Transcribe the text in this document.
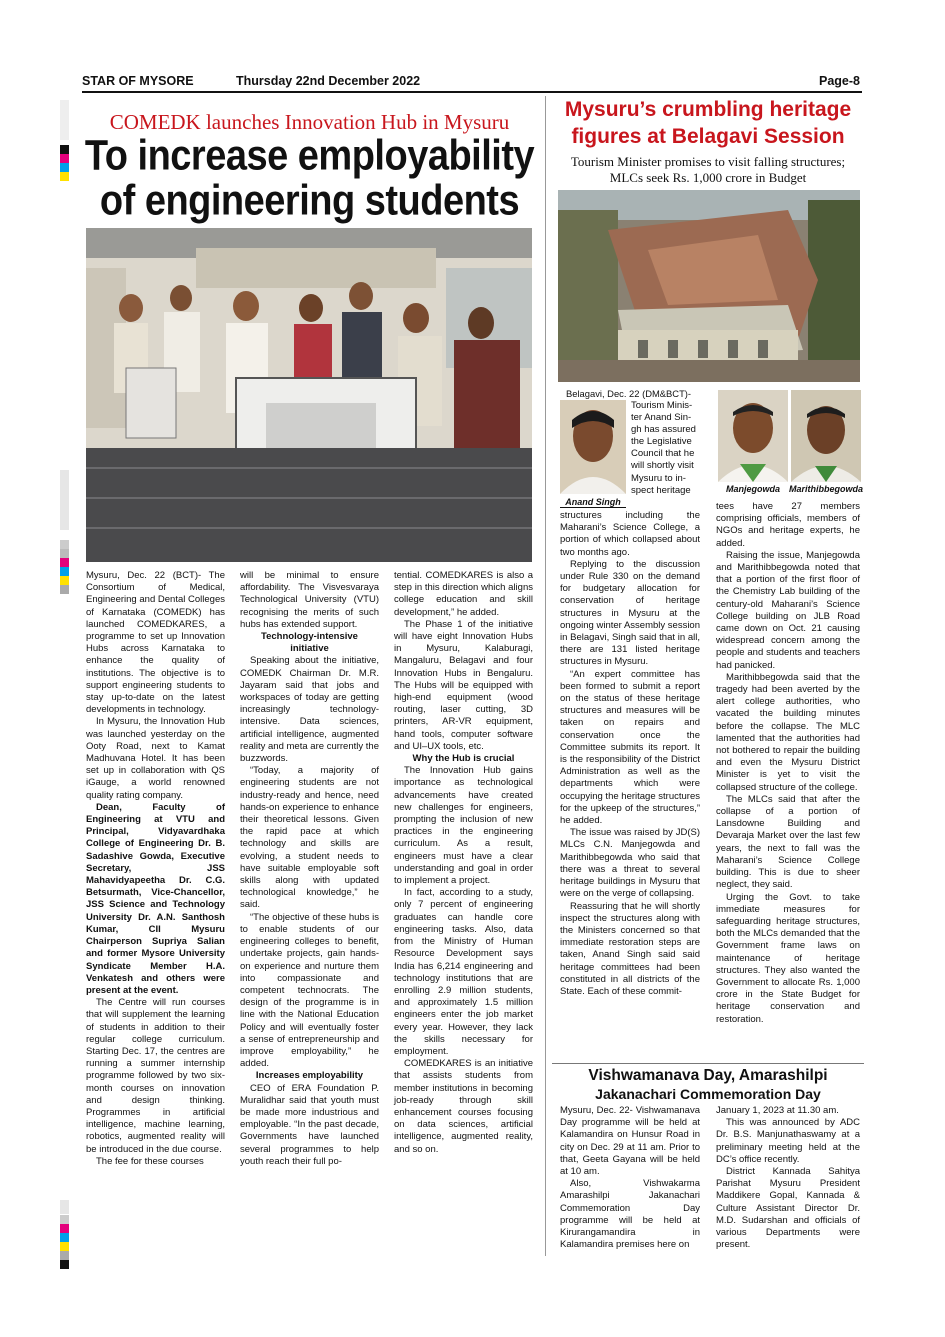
STAR OF MYSORE	Thursday 22nd December 2022	Page-8
COMEDK launches Innovation Hub in Mysuru
To increase employability
of engineering students

Mysuru, Dec. 22 (BCT)- The Consortium of Medical, Engineering and Dental Colleges of Karnataka (COMEDK) has launched COMEDKARES, a programme to set up Innovation Hubs across Karnataka to enhance the quality of institutions. The objective is to support engineering students to stay up-to-date on the latest developments in technology.

In Mysuru, the Innovation Hub was launched yesterday on the Ooty Road, next to Kamat Madhuvana Hotel. It has been set up in collaboration with QS iGauge, a world renowned quality rating company.

Dean, Faculty of Engineering at VTU and Principal, Vidyavardhaka College of Engineering Dr. B. Sadashive Gowda, Executive Secretary, JSS Mahavidyapeetha Dr. C.G. Betsurmath, Vice-Chancellor, JSS Science and Technology University Dr. A.N. Santhosh Kumar, CII Mysuru Chairperson Supriya Salian and former Mysore University Syndicate Member H.A. Venkatesh and others were present at the event.

The Centre will run courses that will supplement the learning of students in addition to their regular college curriculum. Starting Dec. 17, the centres are running a summer internship programme followed by two six-month courses on innovation and design thinking. Programmes in artificial intelligence, machine learning, robotics, augmented reality will be introduced in the due course.

The fee for these courses

will be minimal to ensure affordability. The Visvesvaraya Technological University (VTU) recognising the merits of such hubs has extended support.

Technology-intensive

initiative

Speaking about the initiative, COMEDK Chairman Dr. M.R. Jayaram said that jobs and workspaces of today are getting increasingly technology-intensive. Data sciences, artificial intelligence, augmented reality and meta are currently the buzzwords.

“Today, a majority of engineering students are not industry-ready and hence, need hands-on experience to enhance their theoretical lessons. Given the rapid pace at which technology and skills are evolving, a student needs to have suitable employable soft skills along with updated technological knowledge,” he said.

“The objective of these hubs is to enable students of our engineering colleges to benefit, undertake projects, gain hands-on experience and nurture them into compassionate and competent technocrats. The design of the programme is in line with the National Education Policy and will eventually foster a sense of entrepreneurship and improve employability,” he added.

Increases employability

CEO of ERA Foundation P. Muralidhar said that youth must be made more industrious and employable. “In the past decade, Governments have launched several programmes to help youth reach their full po-

tential. COMEDKARES is also a step in this direction which aligns college education and skill development,” he added.

The Phase 1 of the initiative will have eight Innovation Hubs in Mysuru, Kalaburagi, Mangaluru, Belagavi and four Innovation Hubs in Bengaluru. The Hubs will be equipped with high-end equipment (wood routing, laser cutting, 3D printers, AR-VR equipment, hand tools, computer software and UI–UX tools, etc.

Why the Hub is crucial

The Innovation Hub gains importance as technological advancements have created new challenges for engineers, prompting the inclusion of new practices in the engineering curriculum. As a result, engineers must have a clear understanding and goal in order to implement a project.

In fact, according to a study, only 7 percent of engineering graduates can handle core engineering tasks. Also, data from the Ministry of Human Resource Development says India has 6,214 engineering and technology institutions that are enrolling 2.9 million students, and approximately 1.5 million engineers enter the job market every year. However, they lack the skills necessary for employment.

COMEDKARES is an initiative that assists students from member institutions in becoming job-ready through skill enhancement courses focusing on data sciences, artificial intelligence, augmented reality, and so on.

Mysuru’s crumbling heritage
figures at Belagavi Session
Tourism Minister promises to visit falling structures;
MLCs seek Rs. 1,000 crore in Budget
Belagavi, Dec. 22 (DM&BCT)-
Anand Singh
Tourism Minis-
ter Anand Sin-
gh has assured
the Legislative
Council that he
will shortly visit
Mysuru to in-
spect heritage

structures including the Maharani’s Science College, a portion of which collapsed about two months ago.

Replying to the discussion under Rule 330 on the demand for budgetary allocation for conservation of heritage structures in Mysuru at the ongoing winter Assembly session in Belagavi, Singh said that in all, there are 131 listed heritage structures in Mysuru.

“An expert committee has been formed to submit a report on the status of these heritage structures and measures will be taken on repairs and conservation once the Committee submits its report. It is the responsibility of the District Administration as well as the departments which were occupying the heritage structures for the upkeep of the structures,” he added.

The issue was raised by JD(S) MLCs C.N. Manjegowda and Marithibbegowda who said that there was a threat to several heritage buildings in Mysuru that were on the verge of collapsing.

Reassuring that he will shortly inspect the structures along with the Ministers concerned so that immediate restoration steps are taken, Anand Singh said said heritage committees had been constituted in all districts of the State. Each of these commit-

Manjegowda	Marithibbegowda

tees have 27 members comprising officials, members of NGOs and heritage experts, he added.

Raising the issue, Manjegowda and Marithibbegowda noted that that a portion of the first floor of the Chemistry Lab building of the century-old Maharani’s Science College building on JLB Road came down on Oct. 21 causing widespread concern among the people and students and teachers had panicked.

Marithibbegowda said that the tragedy had been averted by the alert college authorities, who vacated the building minutes before the collapse. The MLC lamented that the authorities had not bothered to repair the building and even the Mysuru District Minister is yet to visit the collapsed structure of the college.

The MLCs said that after the collapse of a portion of Lansdowne Building and Devaraja Market over the last few years, the next to fall was the Maharani’s Science College building. This is due to sheer neglect, they said.

Urging the Govt. to take immediate measures for safeguarding heritage structures, both the MLCs demanded that the Government frame laws on maintenance of heritage structures. They also wanted the Government to allocate Rs. 1,000 crore in the State Budget for heritage conservation and restoration.

Vishwamanava Day, Amarashilpi
Jakanachari Commemoration Day

Mysuru, Dec. 22- Vishwamanava Day programme will be held at Kalamandira on Hunsur Road in city on Dec. 29 at 11 am. Prior to that, Geeta Gayana will be held at 10 am.

Also, Vishwakarma Amarashilpi Jakanachari Commemoration Day programme will be held at Kirurangamandira in Kalamandira premises here on

January 1, 2023 at 11.30 am.

This was announced by ADC Dr. B.S. Manjunathaswamy at a preliminary meeting held at the DC’s office recently.

District Kannada Sahitya Parishat Mysuru President Maddikere Gopal, Kannada & Culture Assistant Director Dr. M.D. Sudarshan and officials of various Departments were present.
